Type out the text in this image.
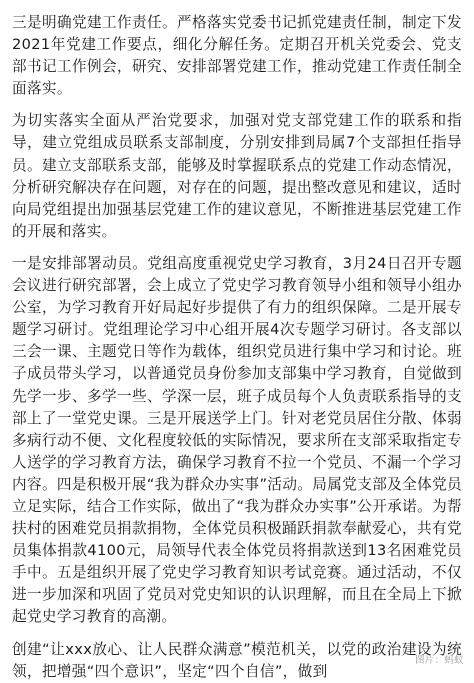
三是明确党建工作责任。严格落实党委书记抓党建责任制，制定下发2021年党建工作要点，细化分解任务。定期召开机关党委会、党支部书记工作例会，研究、安排部署党建工作，推动党建工作责任制全面落实。

为切实落实全面从严治党要求，加强对党支部党建工作的联系和指导，建立党组成员联系支部制度，分别安排到局属7个支部担任指导员。建立支部联系支部，能够及时掌握联系点的党建工作动态情况，分析研究解决存在问题，对存在的问题，提出整改意见和建议，适时向局党组提出加强基层党建工作的建议意见，不断推进基层党建工作的开展和落实。

一是安排部署动员。党组高度重视党史学习教育，3月24日召开专题会议进行研究部署，会上成立了党史学习教育领导小组和领导小组办公室，为学习教育开好局起好步提供了有力的组织保障。二是开展专题学习研讨。党组理论学习中心组开展4次专题学习研讨。各支部以三会一课、主题党日等作为载体，组织党员进行集中学习和讨论。班子成员带头学习，以普通党员身份参加支部集中学习教育，自觉做到先学一步、多学一些、学深一层，班子成员每个人负责联系指导的支部上了一堂党史课。三是开展送学上门。针对老党员居住分散、体弱多病行动不便、文化程度较低的实际情况，要求所在支部采取指定专人送学的学习教育方法，确保学习教育不拉一个党员、不漏一个学习内容。四是积极开展“我为群众办实事”活动。局属党支部及全体党员立足实际，结合工作实际，做出了“我为群众办实事”公开承诺。为帮扶村的困难党员捐款捐物，全体党员积极踊跃捐款奉献爱心，共有党员集体捐款4100元，局领导代表全体党员将捐款送到13名困难党员手中。五是组织开展了党史学习教育知识考试竞赛。通过活动，不仅进一步加深和巩固了党员对党史知识的认识理解，而且在全局上下掀起党史学习教育的高潮。

创建“让xxx放心、让人民群众满意”模范机关，以党的政治建设为统领，把增强“四个意识”，坚定“四个自信”，做到

图片：蚂蚁
